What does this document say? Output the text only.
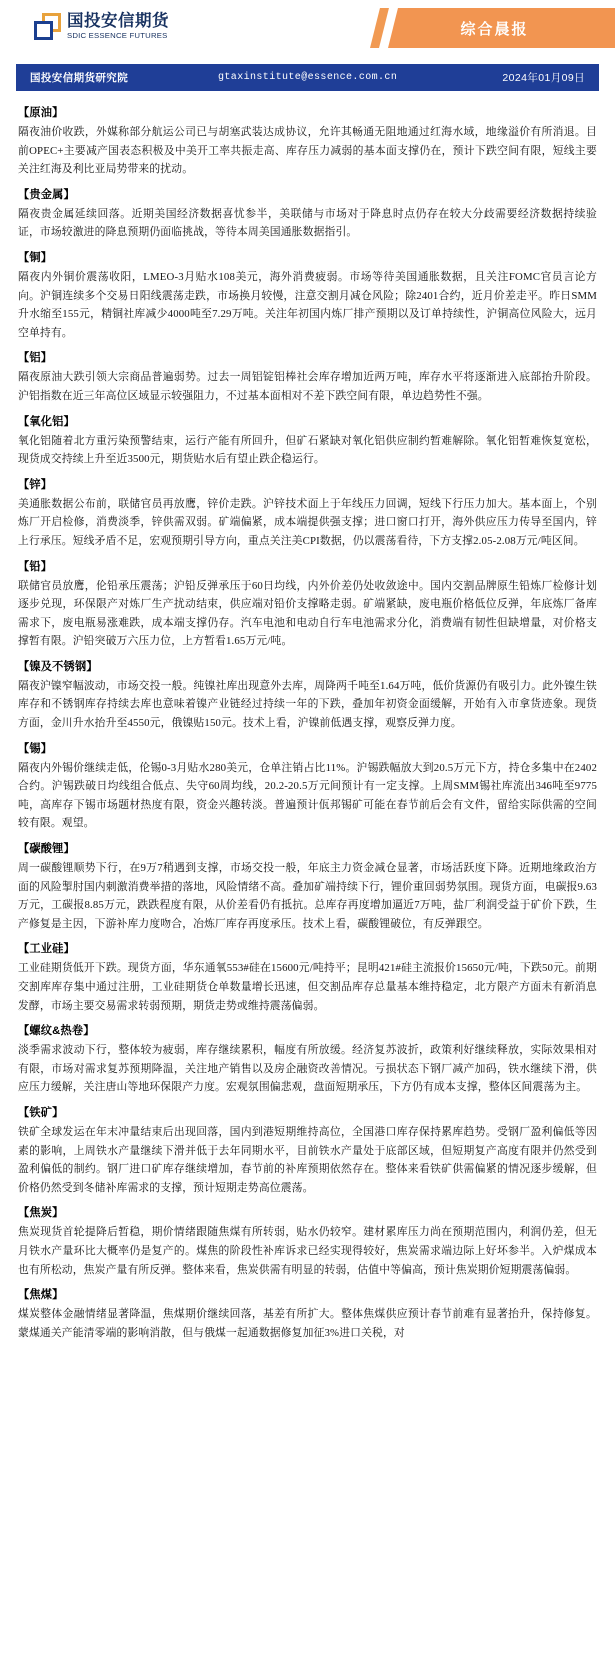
国投安信期货
SDIC ESSENCE FUTURES	综合晨报
国投安信期货研究院	gtaxinstitute@essence.com.cn	2024年01月09日

【原油】

隔夜油价收跌，外媒称部分航运公司已与胡塞武装达成协议，允许其畅通无阻地通过红海水域，地缘溢价有所消退。目前OPEC+主要减产国表态积极及中美开工率共振走高、库存压力减弱的基本面支撑仍在，预计下跌空间有限，短线主要关注红海及利比亚局势带来的扰动。

【贵金属】

隔夜贵金属延续回落。近期美国经济数据喜忧参半，美联储与市场对于降息时点仍存在较大分歧需要经济数据持续验证，市场较激进的降息预期仍面临挑战，等待本周美国通胀数据指引。

【铜】

隔夜内外铜价震荡收阳，LMEO-3月贴水108美元，海外消费疲弱。市场等待美国通胀数据，且关注FOMC官员言论方向。沪铜连续多个交易日阳线震荡走跌，市场换月较慢，注意交割月减仓风险；除2401合约，近月价差走平。昨日SMM升水缩至155元，精铜社库减少4000吨至7.29万吨。关注年初国内炼厂排产预期以及订单持续性，沪铜高位风险大，远月空单持有。

【铝】

隔夜原油大跌引领大宗商品普遍弱势。过去一周铝锭铝棒社会库存增加近两万吨，库存水平将逐渐进入底部抬升阶段。沪铝指数在近三年高位区域显示较强阻力，不过基本面相对不差下跌空间有限，单边趋势性不强。

【氧化铝】

氧化铝随着北方重污染预警结束，运行产能有所回升，但矿石紧缺对氧化铝供应制约暂难解除。氧化铝暂难恢复宽松，现货成交持续上升至近3500元，期货贴水后有望止跌企稳运行。

【锌】

美通胀数据公布前，联储官员再放鹰，锌价走跌。沪锌技术面上于年线压力回调，短线下行压力加大。基本面上，个别炼厂开启检修，消费淡季，锌供需双弱。矿端偏紧，成本端提供强支撑；进口窗口打开，海外供应压力传导至国内，锌上行承压。短线矛盾不足，宏观预期引导方向，重点关注美CPI数据，仍以震荡看待，下方支撑2.05-2.08万元/吨区间。

【铅】

联储官员放鹰，伦铅承压震荡；沪铅反弹承压于60日均线，内外价差仍处收敛途中。国内交割品牌原生铅炼厂检修计划逐步兑现，环保限产对炼厂生产扰动结束，供应端对铅价支撑略走弱。矿端紧缺，废电瓶价格低位反弹，年底炼厂备库需求下，废电瓶易涨难跌，成本端支撑仍存。汽车电池和电动自行车电池需求分化，消费端有韧性但缺增量，对价格支撑暂有限。沪铅突破万六压力位，上方暂看1.65万元/吨。

【镍及不锈钢】

隔夜沪镍窄幅波动，市场交投一般。纯镍社库出现意外去库，周降两千吨至1.64万吨，低价货源仍有吸引力。此外镍生铁库存和不锈钢库存持续去库也意味着镍产业链经过持续一年的下跌，叠加年初资金面缓解，开始有入市拿货迹象。现货方面，金川升水抬升至4550元，俄镍贴150元。技术上看，沪镍前低遇支撑，观察反弹力度。

【锡】

隔夜内外锡价继续走低，伦锡0-3月贴水280美元，仓单注销占比11%。沪锡跌幅放大到20.5万元下方，持仓多集中在2402合约。沪锡跌破日均线组合低点、失守60周均线，20.2-20.5万元间预计有一定支撑。上周SMM锡社库流出346吨至9775吨，高库存下锡市场题材热度有限，资金兴趣转淡。普遍预计佤邦锡矿可能在春节前后会有文件，留给实际供需的空间较有限。观望。

【碳酸锂】

周一碳酸锂顺势下行，在9万7稍遇到支撑，市场交投一般，年底主力资金减仓显著，市场活跃度下降。近期地缘政治方面的风险掣肘国内刺激消费举措的落地，风险情绪不高。叠加矿端持续下行，锂价重回弱势氛围。现货方面，电碳报9.63万元，工碳报8.85万元，跌跌程度有限，从价差看仍有抵抗。总库存再度增加逼近7万吨，盐厂利润受益于矿价下跌，生产修复是主因，下游补库力度吻合，冶炼厂库存再度承压。技术上看，碳酸锂破位，有反弹跟空。

【工业硅】

工业硅期货低开下跌。现货方面，华东通氧553#硅在15600元/吨持平；昆明421#硅主流报价15650元/吨，下跌50元。前期交割库库存集中通过注册，工业硅期货仓单数量增长迅速，但交割品库存总量基本维持稳定，北方限产方面未有新消息发酵，市场主要交易需求转弱预期，期货走势或维持震荡偏弱。

【螺纹&热卷】

淡季需求波动下行，整体较为疲弱，库存继续累积，幅度有所放缓。经济复苏波折，政策利好继续释放，实际效果相对有限，市场对需求复苏预期降温，关注地产销售以及房企融资改善情况。亏损状态下钢厂减产加码，铁水继续下滑，供应压力缓解，关注唐山等地环保限产力度。宏观氛围偏悲观，盘面短期承压，下方仍有成本支撑，整体区间震荡为主。

【铁矿】

铁矿全球发运在年末冲量结束后出现回落，国内到港短期维持高位，全国港口库存保持累库趋势。受钢厂盈利偏低等因素的影响，上周铁水产量继续下滑并低于去年同期水平，目前铁水产量处于底部区域，但短期复产高度有限并仍然受到盈利偏低的制约。钢厂进口矿库存继续增加，春节前的补库预期依然存在。整体来看铁矿供需偏紧的情况逐步缓解，但价格仍然受到冬储补库需求的支撑，预计短期走势高位震荡。

【焦炭】

焦炭现货首轮提降后暂稳，期价情绪跟随焦煤有所转弱，贴水仍较窄。建材累库压力尚在预期范围内，利润仍差，但无月铁水产量环比大概率仍是复产的。煤焦的阶段性补库诉求已经实现得较好，焦炭需求端边际上好坏参半。入炉煤成本也有所松动，焦炭产量有所反弹。整体来看，焦炭供需有明显的转弱，估值中等偏高，预计焦炭期价短期震荡偏弱。

【焦煤】

煤炭整体金融情绪显著降温，焦煤期价继续回落，基差有所扩大。整体焦煤供应预计春节前难有显著抬升，保持修复。蒙煤通关产能清零端的影响消散，但与俄煤一起通数据修复加征3%进口关税，对
